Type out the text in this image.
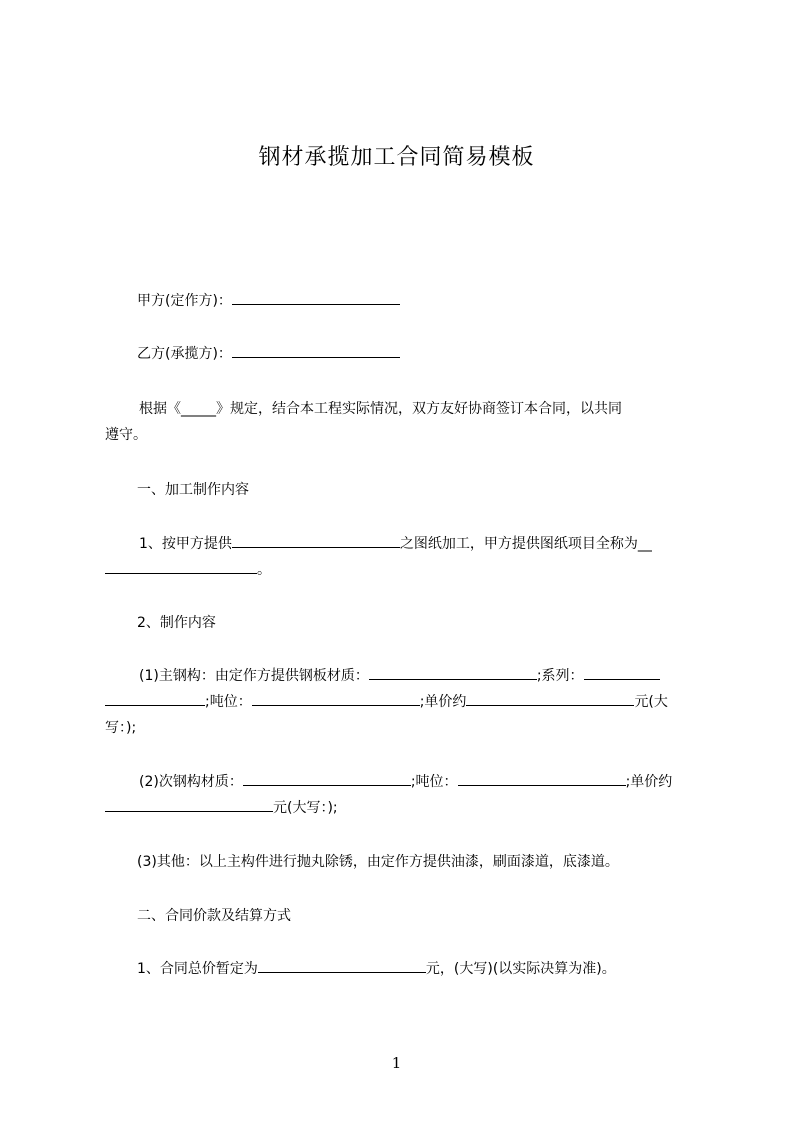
钢材承揽加工合同简易模板
甲方(定作方)：
乙方(承揽方)：
根据《_____》规定，结合本工程实际情况，双方友好协商签订本合同，以共同
遵守。
一、加工制作内容
1、按甲方提供	之图纸加工，甲方提供图纸项目全称为__
。
2、制作内容
(1)主钢构：由定作方提供钢板材质：	;系列：
;吨位：	;单价约	元(大
写：);
(2)次钢构材质：	;吨位：	;单价约
元(大写：);
(3)其他：以上主构件进行抛丸除锈，由定作方提供油漆，刷面漆道，底漆道。
二、合同价款及结算方式
1、合同总价暂定为	元，(大写)(以实际决算为准)。
1
